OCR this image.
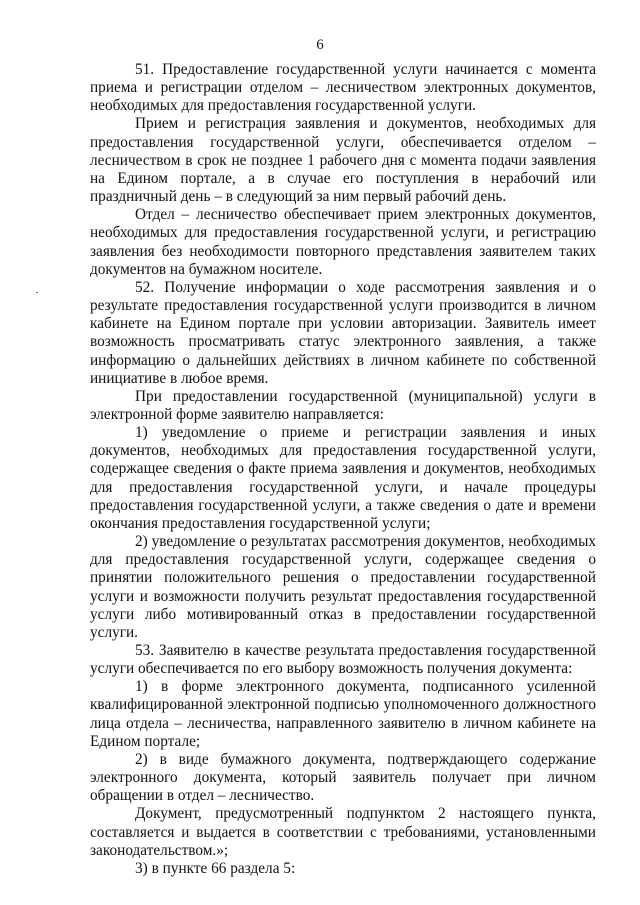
6

51. Предоставление государственной услуги начинается с момента приема и регистрации отделом – лесничеством электронных документов, необходимых для предоставления государственной услуги.

Прием и регистрация заявления и документов, необходимых для предоставления государственной услуги, обеспечивается отделом – лесничеством в срок не позднее 1 рабочего дня с момента подачи заявления на Едином портале, а в случае его поступления в нерабочий или праздничный день – в следующий за ним первый рабочий день.

Отдел – лесничество обеспечивает прием электронных документов, необходимых для предоставления государственной услуги, и регистрацию заявления без необходимости повторного представления заявителем таких документов на бумажном носителе.

52. Получение информации о ходе рассмотрения заявления и о результате предоставления государственной услуги производится в личном кабинете на Едином портале при условии авторизации. Заявитель имеет возможность просматривать статус электронного заявления, а также информацию о дальнейших действиях в личном кабинете по собственной инициативе в любое время.

При предоставлении государственной (муниципальной) услуги в электронной форме заявителю направляется:

1) уведомление о приеме и регистрации заявления и иных документов, необходимых для предоставления государственной услуги, содержащее сведения о факте приема заявления и документов, необходимых для предоставления государственной услуги, и начале процедуры предоставления государственной услуги, а также сведения о дате и времени окончания предоставления государственной услуги;

2) уведомление о результатах рассмотрения документов, необходимых для предоставления государственной услуги, содержащее сведения о принятии положительного решения о предоставлении государственной услуги и возможности получить результат предоставления государственной услуги либо мотивированный отказ в предоставлении государственной услуги.

53. Заявителю в качестве результата предоставления государственной услуги обеспечивается по его выбору возможность получения документа:

1) в форме электронного документа, подписанного усиленной квалифицированной электронной подписью уполномоченного должностного лица отдела – лесничества, направленного заявителю в личном кабинете на Едином портале;

2) в виде бумажного документа, подтверждающего содержание электронного документа, который заявитель получает при личном обращении в отдел – лесничество.

Документ, предусмотренный подпунктом 2 настоящего пункта, составляется и выдается в соответствии с требованиями, установленными законодательством.»;

3) в пункте 66 раздела 5:
